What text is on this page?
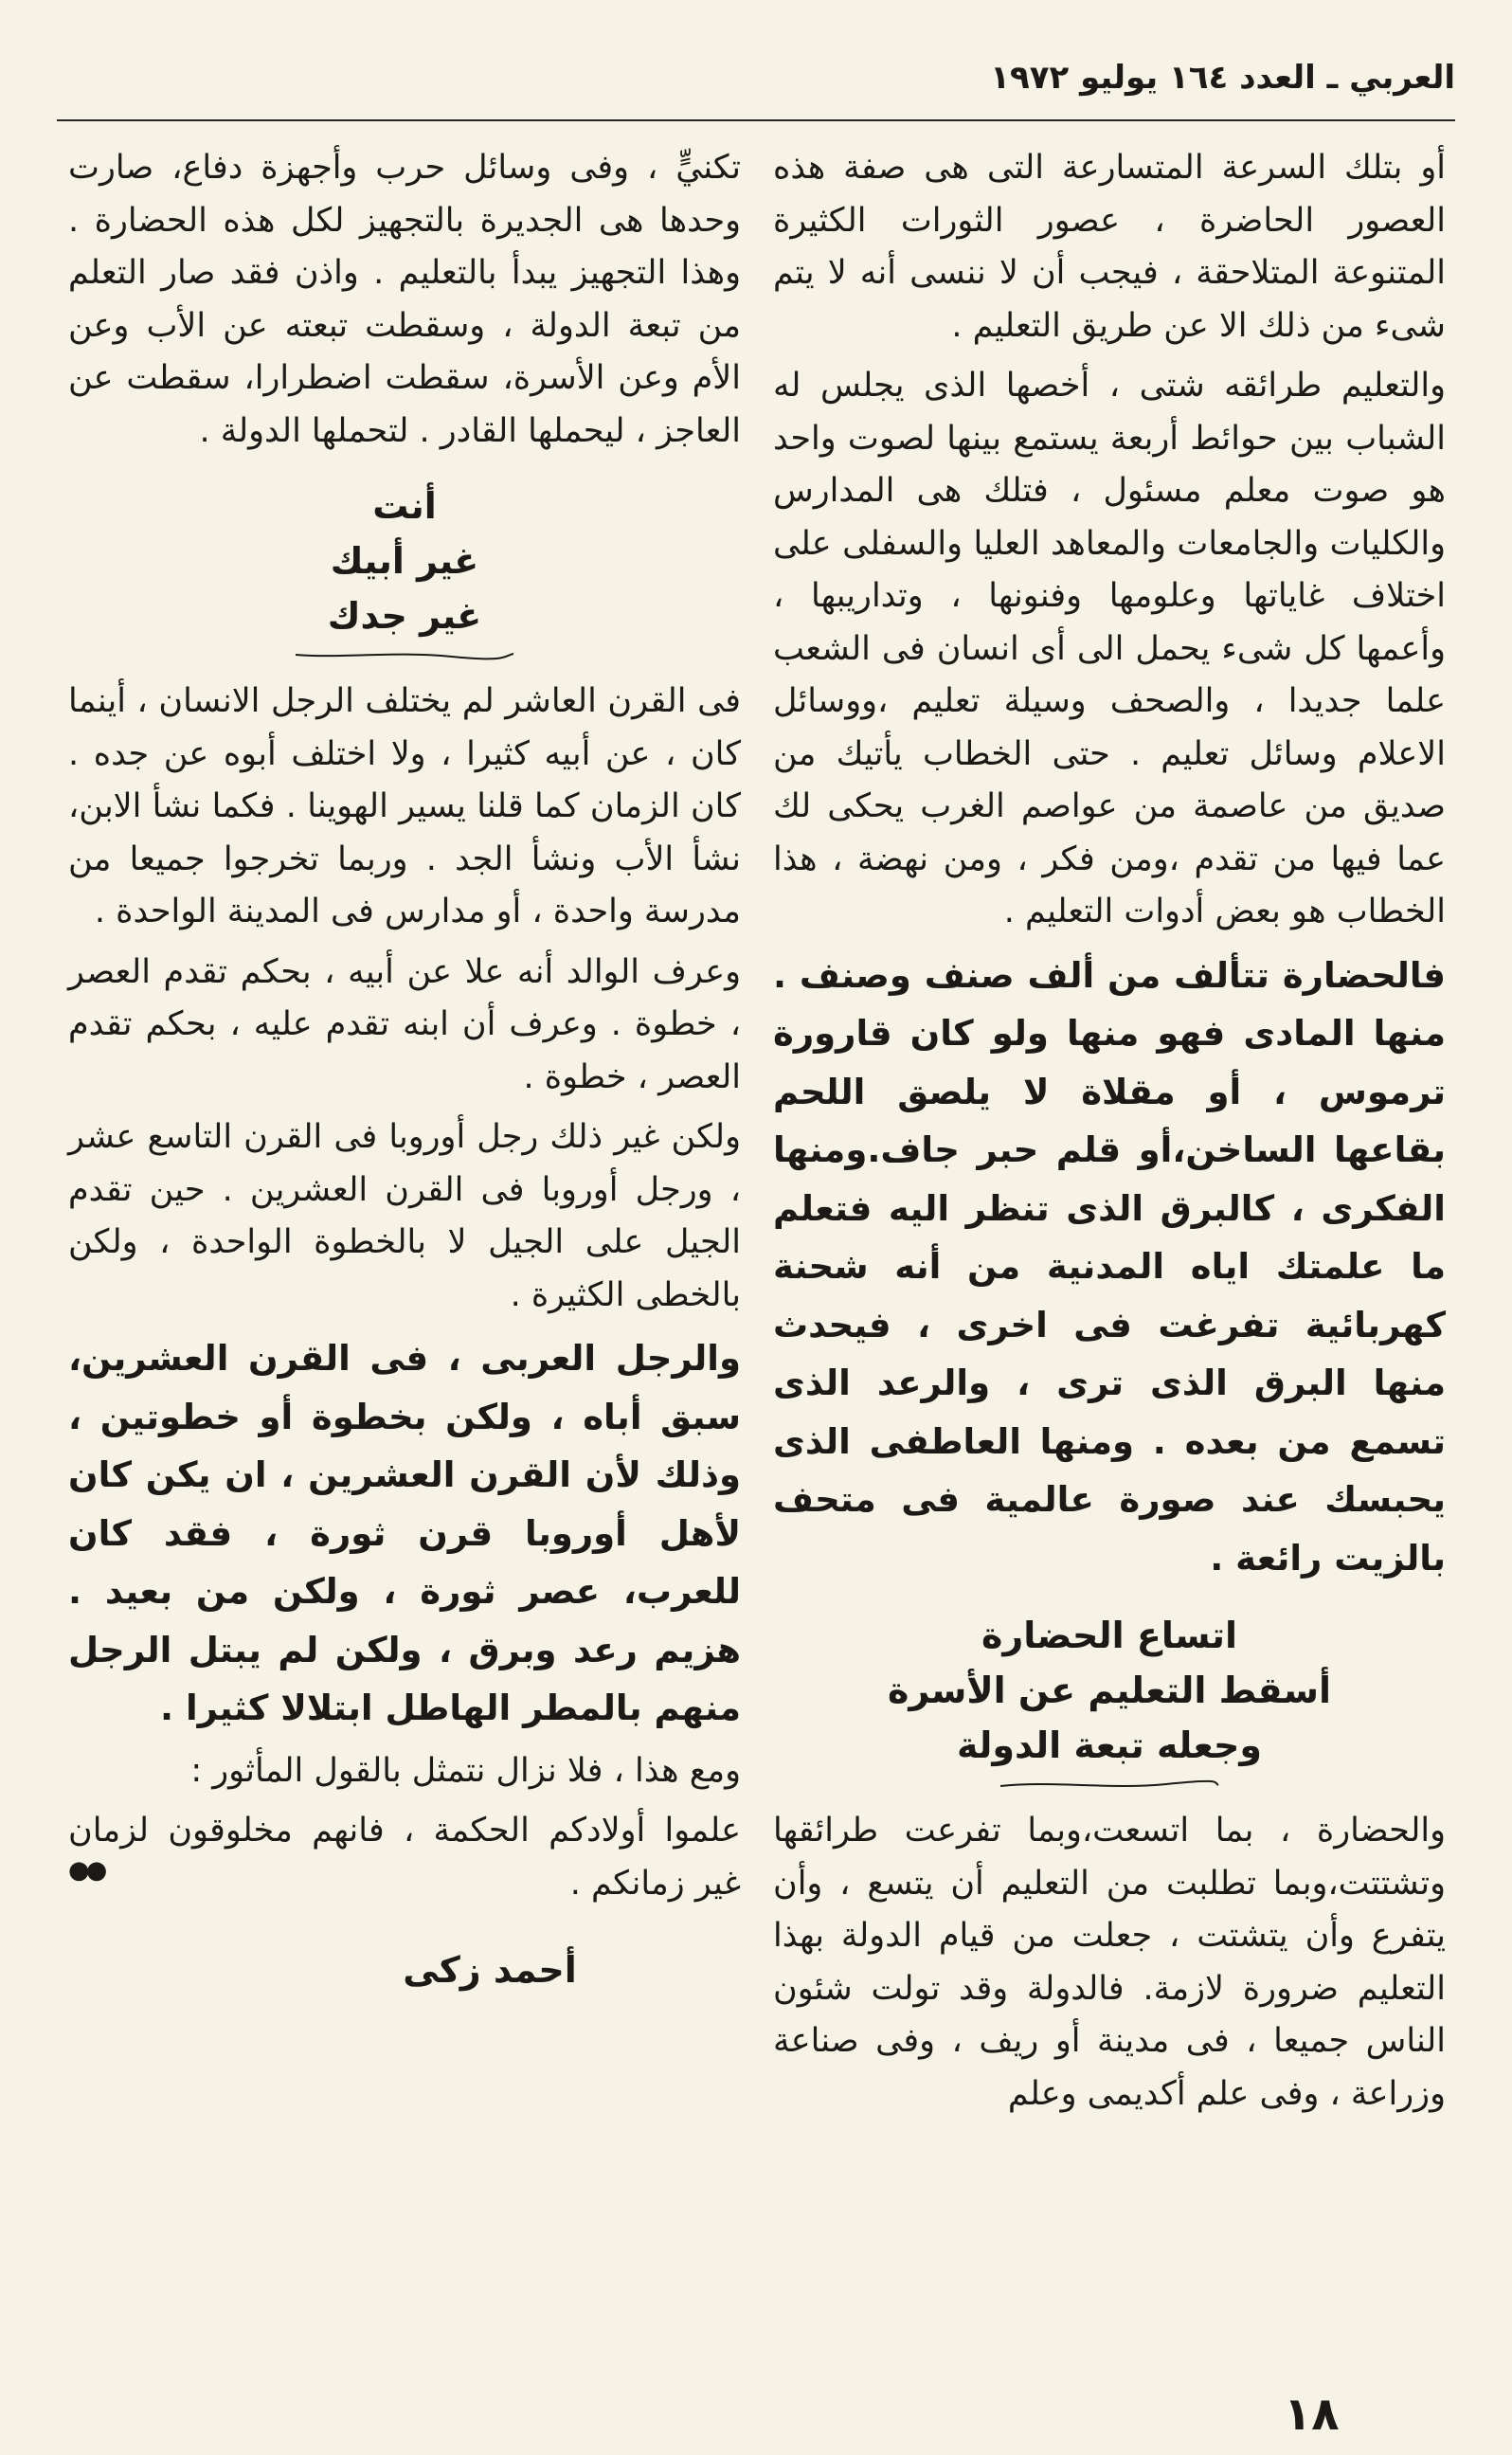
العربي ـ العدد ١٦٤ يوليو ١٩٧٢

أو بتلك السرعة المتسارعة التى هى صفة هذه العصور الحاضرة ، عصور الثورات الكثيرة المتنوعة المتلاحقة ، فيجب أن لا ننسى أنه لا يتم شىء من ذلك الا عن طريق التعليم .

والتعليم طرائقه شتى ، أخصها الذى يجلس له الشباب بين حوائط أربعة يستمع بينها لصوت واحد هو صوت معلم مسئول ، فتلك هى المدارس والكليات والجامعات والمعاهد العليا والسفلى على اختلاف غاياتها وعلومها وفنونها ، وتداريبها ، وأعمها كل شىء يحمل الى أى انسان فى الشعب علما جديدا ، والصحف وسيلة تعليم ،ووسائل الاعلام وسائل تعليم . حتى الخطاب يأتيك من صديق من عاصمة من عواصم الغرب يحكى لك عما فيها من تقدم ،ومن فكر ، ومن نهضة ، هذا الخطاب هو بعض أدوات التعليم .

فالحضارة تتألف من ألف صنف وصنف . منها المادى فهو منها ولو كان قارورة ترموس ، أو مقلاة لا يلصق اللحم بقاعها الساخن،أو قلم حبر جاف.ومنها الفكرى ، كالبرق الذى تنظر اليه فتعلم ما علمتك اياه المدنية من أنه شحنة كهربائية تفرغت فى اخرى ، فيحدث منها البرق الذى ترى ، والرعد الذى تسمع من بعده . ومنها العاطفى الذى يحبسك عند صورة عالمية فى متحف بالزيت رائعة .

اتساع الحضارة
أسقط التعليم عن الأسرة
وجعله تبعة الدولة

والحضارة ، بما اتسعت،وبما تفرعت طرائقها وتشتتت،وبما تطلبت من التعليم أن يتسع ، وأن يتفرع وأن يتشتت ، جعلت من قيام الدولة بهذا التعليم ضرورة لازمة. فالدولة وقد تولت شئون الناس جميعا ، فى مدينة أو ريف ، وفى صناعة وزراعة ، وفى علم أكديمى وعلم

تكنيٍّ ، وفى وسائل حرب وأجهزة دفاع، صارت وحدها هى الجديرة بالتجهيز لكل هذه الحضارة . وهذا التجهيز يبدأ بالتعليم . واذن فقد صار التعلم من تبعة الدولة ، وسقطت تبعته عن الأب وعن الأم وعن الأسرة، سقطت اضطرارا، سقطت عن العاجز ، ليحملها القادر . لتحملها الدولة .

أنت
غير أبيك
غير جدك

فى القرن العاشر لم يختلف الرجل الانسان ، أينما كان ، عن أبيه كثيرا ، ولا اختلف أبوه عن جده . كان الزمان كما قلنا يسير الهوينا . فكما نشأ الابن، نشأ الأب ونشأ الجد . وربما تخرجوا جميعا من مدرسة واحدة ، أو مدارس فى المدينة الواحدة .

وعرف الوالد أنه علا عن أبيه ، بحكم تقدم العصر ، خطوة . وعرف أن ابنه تقدم عليه ، بحكم تقدم العصر ، خطوة .

ولكن غير ذلك رجل أوروبا فى القرن التاسع عشر ، ورجل أوروبا فى القرن العشرين . حين تقدم الجيل على الجيل لا بالخطوة الواحدة ، ولكن بالخطى الكثيرة .

والرجل العربى ، فى القرن العشرين، سبق أباه ، ولكن بخطوة أو خطوتين ، وذلك لأن القرن العشرين ، ان يكن كان لأهل أوروبا قرن ثورة ، فقد كان للعرب، عصر ثورة ، ولكن من بعيد . هزيم رعد وبرق ، ولكن لم يبتل الرجل منهم بالمطر الهاطل ابتلالا كثيرا .

ومع هذا ، فلا نزال نتمثل بالقول المأثور :

علموا أولادكم الحكمة ، فانهم مخلوقون لزمان غير زمانكم .

●●
أحمد زكى
١٨
